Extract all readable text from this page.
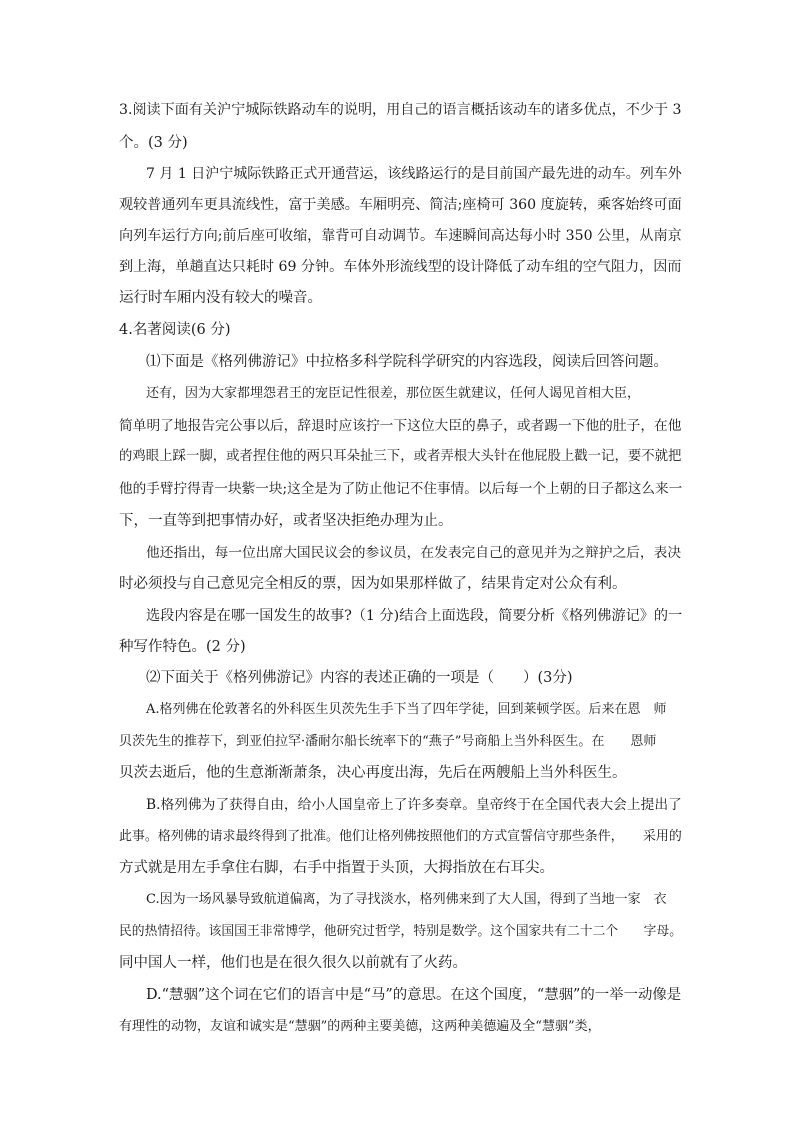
3.阅读下面有关沪宁城际铁路动车的说明，用自己的语言概括该动车的诸多优点，不少于 3
个。(3 分)
7 月 1 日沪宁城际铁路正式开通营运，该线路运行的是目前国产最先进的动车。列车外
观较普通列车更具流线性，富于美感。车厢明亮、简洁;座椅可 360 度旋转，乘客始终可面
向列车运行方向;前后座可收缩，靠背可自动调节。车速瞬间高达每小时 350 公里，从南京
到上海，单趟直达只耗时 69 分钟。车体外形流线型的设计降低了动车组的空气阻力，因而
运行时车厢内没有较大的噪音。
4.名著阅读(6 分)
⑴下面是《格列佛游记》中拉格多科学院科学研究的内容选段，阅读后回答问题。
还有，因为大家都埋怨君王的宠臣记性很差，那位医生就建议，任何人谒见首相大臣，
简单明了地报告完公事以后，辞退时应该拧一下这位大臣的鼻子，或者踢一下他的肚子，在他
的鸡眼上踩一脚，或者捏住他的两只耳朵扯三下，或者弄根大头针在他屁股上戳一记，要不就把
他的手臂拧得青一块紫一块;这全是为了防止他记不住事情。以后每一个上朝的日子都这么来一
下，一直等到把事情办好，或者坚决拒绝办理为止。
他还指出，每一位出席大国民议会的参议员，在发表完自己的意见并为之辩护之后，表决
时必须投与自己意见完全相反的票，因为如果那样做了，结果肯定对公众有利。
选段内容是在哪一国发生的故事?（1 分)结合上面选段，简要分析《格列佛游记》的一
种写作特色。(2 分)
⑵下面关于《格列佛游记》内容的表述正确的一项是（　　）(3分)
A.格列佛在伦敦著名的外科医生贝茨先生手下当了四年学徒，回到莱顿学医。后来在恩　师
贝茨先生的推荐下，到亚伯拉罕·潘耐尔船长统率下的“燕子”号商船上当外科医生。在　　恩师
贝茨去逝后，他的生意渐渐萧条，决心再度出海，先后在两艘船上当外科医生。
B.格列佛为了获得自由，给小人国皇帝上了许多奏章。皇帝终于在全国代表大会上提出了
此事。格列佛的请求最终得到了批准。他们让格列佛按照他们的方式宣誓信守那些条件，　　采用的
方式就是用左手拿住右脚，右手中指置于头顶，大拇指放在右耳尖。
C.因为一场风暴导致航道偏离，为了寻找淡水，格列佛来到了大人国，得到了当地一家　衣
民的热情招待。该国国王非常博学，他研究过哲学，特别是数学。这个国家共有二十二个　　字母。
同中国人一样，他们也是在很久很久以前就有了火药。
D.“慧骃”这个词在它们的语言中是“马”的意思。在这个国度，“慧骃”的一举一动像是
有理性的动物，友谊和诚实是“慧骃”的两种主要美德，这两种美德遍及全“慧骃”类，
